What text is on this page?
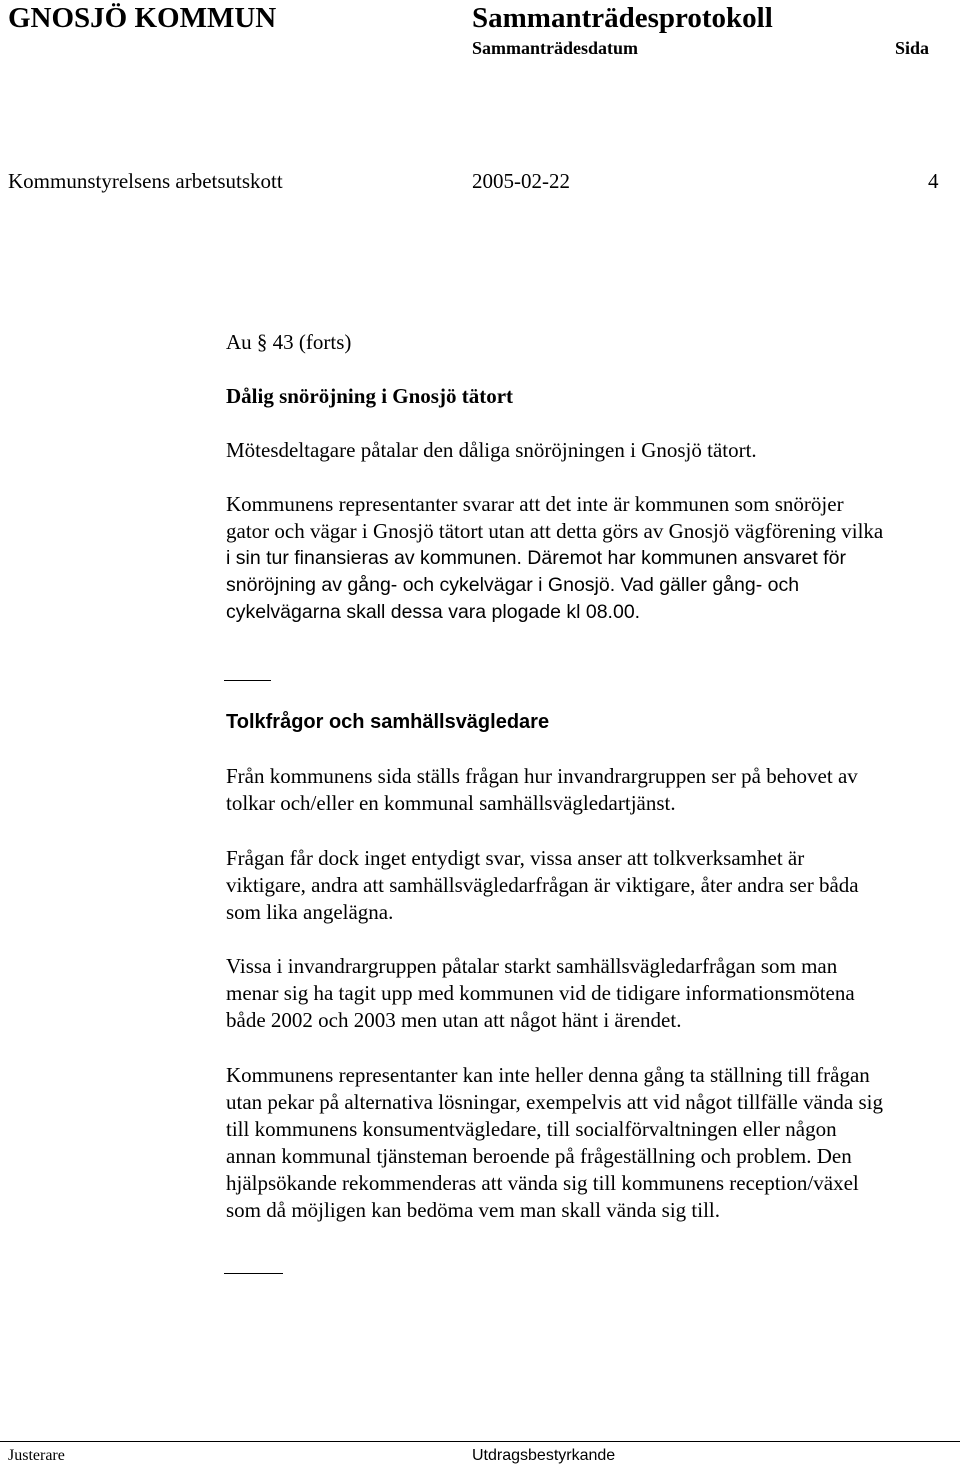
GNOSJÖ KOMMUN	Sammanträdesprotokoll
Sammanträdesdatum	Sida
Kommunstyrelsens arbetsutskott	2005-02-22	4
Au § 43 (forts)
Dålig snöröjning i Gnosjö tätort
Mötesdeltagare påtalar den dåliga snöröjningen i Gnosjö tätort.

Kommunens representanter svarar att det inte är kommunen som snöröjer

gator och vägar i Gnosjö tätort utan att detta görs av Gnosjö vägförening vilka

i sin tur finansieras av kommunen. Däremot har kommunen ansvaret för

snöröjning av gång- och cykelvägar i Gnosjö. Vad gäller gång- och

cykelvägarna skall dessa vara plogade kl 08.00.

Tolkfrågor och samhällsvägledare

Från kommunens sida ställs frågan hur invandrargruppen ser på behovet av

tolkar och/eller en kommunal samhällsvägledartjänst.

Frågan får dock inget entydigt svar, vissa anser att tolkverksamhet är

viktigare, andra att samhällsvägledarfrågan är viktigare, åter andra ser båda

som lika angelägna.

Vissa i invandrargruppen påtalar starkt samhällsvägledarfrågan som man

menar sig ha tagit upp med kommunen vid de tidigare informationsmötena

både 2002 och 2003 men utan att något hänt i ärendet.

Kommunens representanter kan inte heller denna gång ta ställning till frågan

utan pekar på alternativa lösningar, exempelvis att vid något tillfälle vända sig

till kommunens konsumentvägledare, till socialförvaltningen eller någon

annan kommunal tjänsteman beroende på frågeställning och problem. Den

hjälpsökande rekommenderas att vända sig till kommunens reception/växel

som då möjligen kan bedöma vem man skall vända sig till.

Justerare	Utdragsbestyrkande
